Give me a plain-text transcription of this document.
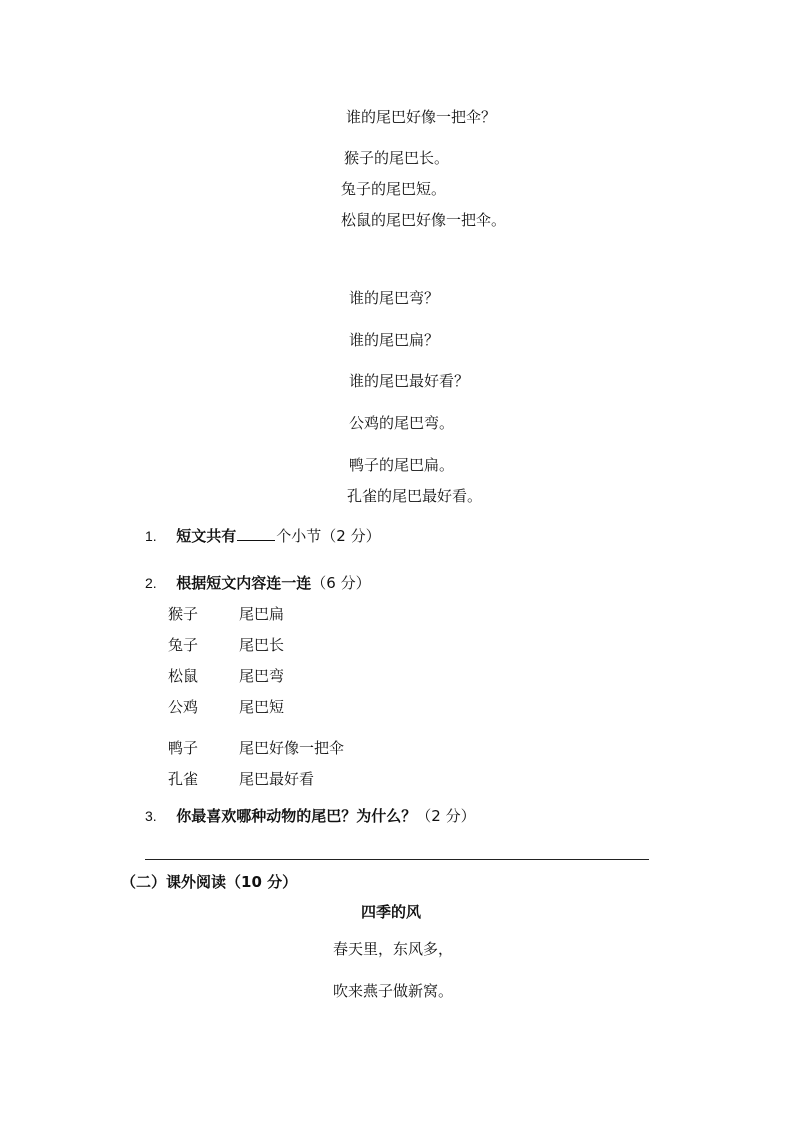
谁的尾巴好像一把伞？
猴子的尾巴长。
兔子的尾巴短。
松鼠的尾巴好像一把伞。
谁的尾巴弯？
谁的尾巴扁？
谁的尾巴最好看？
公鸡的尾巴弯。
鸭子的尾巴扁。
孔雀的尾巴最好看。
1. 短文共有	个小节（2 分）
2. 根据短文内容连一连（6 分）
猴子	尾巴扁
兔子	尾巴长
松鼠	尾巴弯
公鸡	尾巴短
鸭子	尾巴好像一把伞
孔雀	尾巴最好看
3. 你最喜欢哪种动物的尾巴？为什么？（2 分）
（二）课外阅读（10 分）
四季的风
春天里，东风多，
吹来燕子做新窝。
